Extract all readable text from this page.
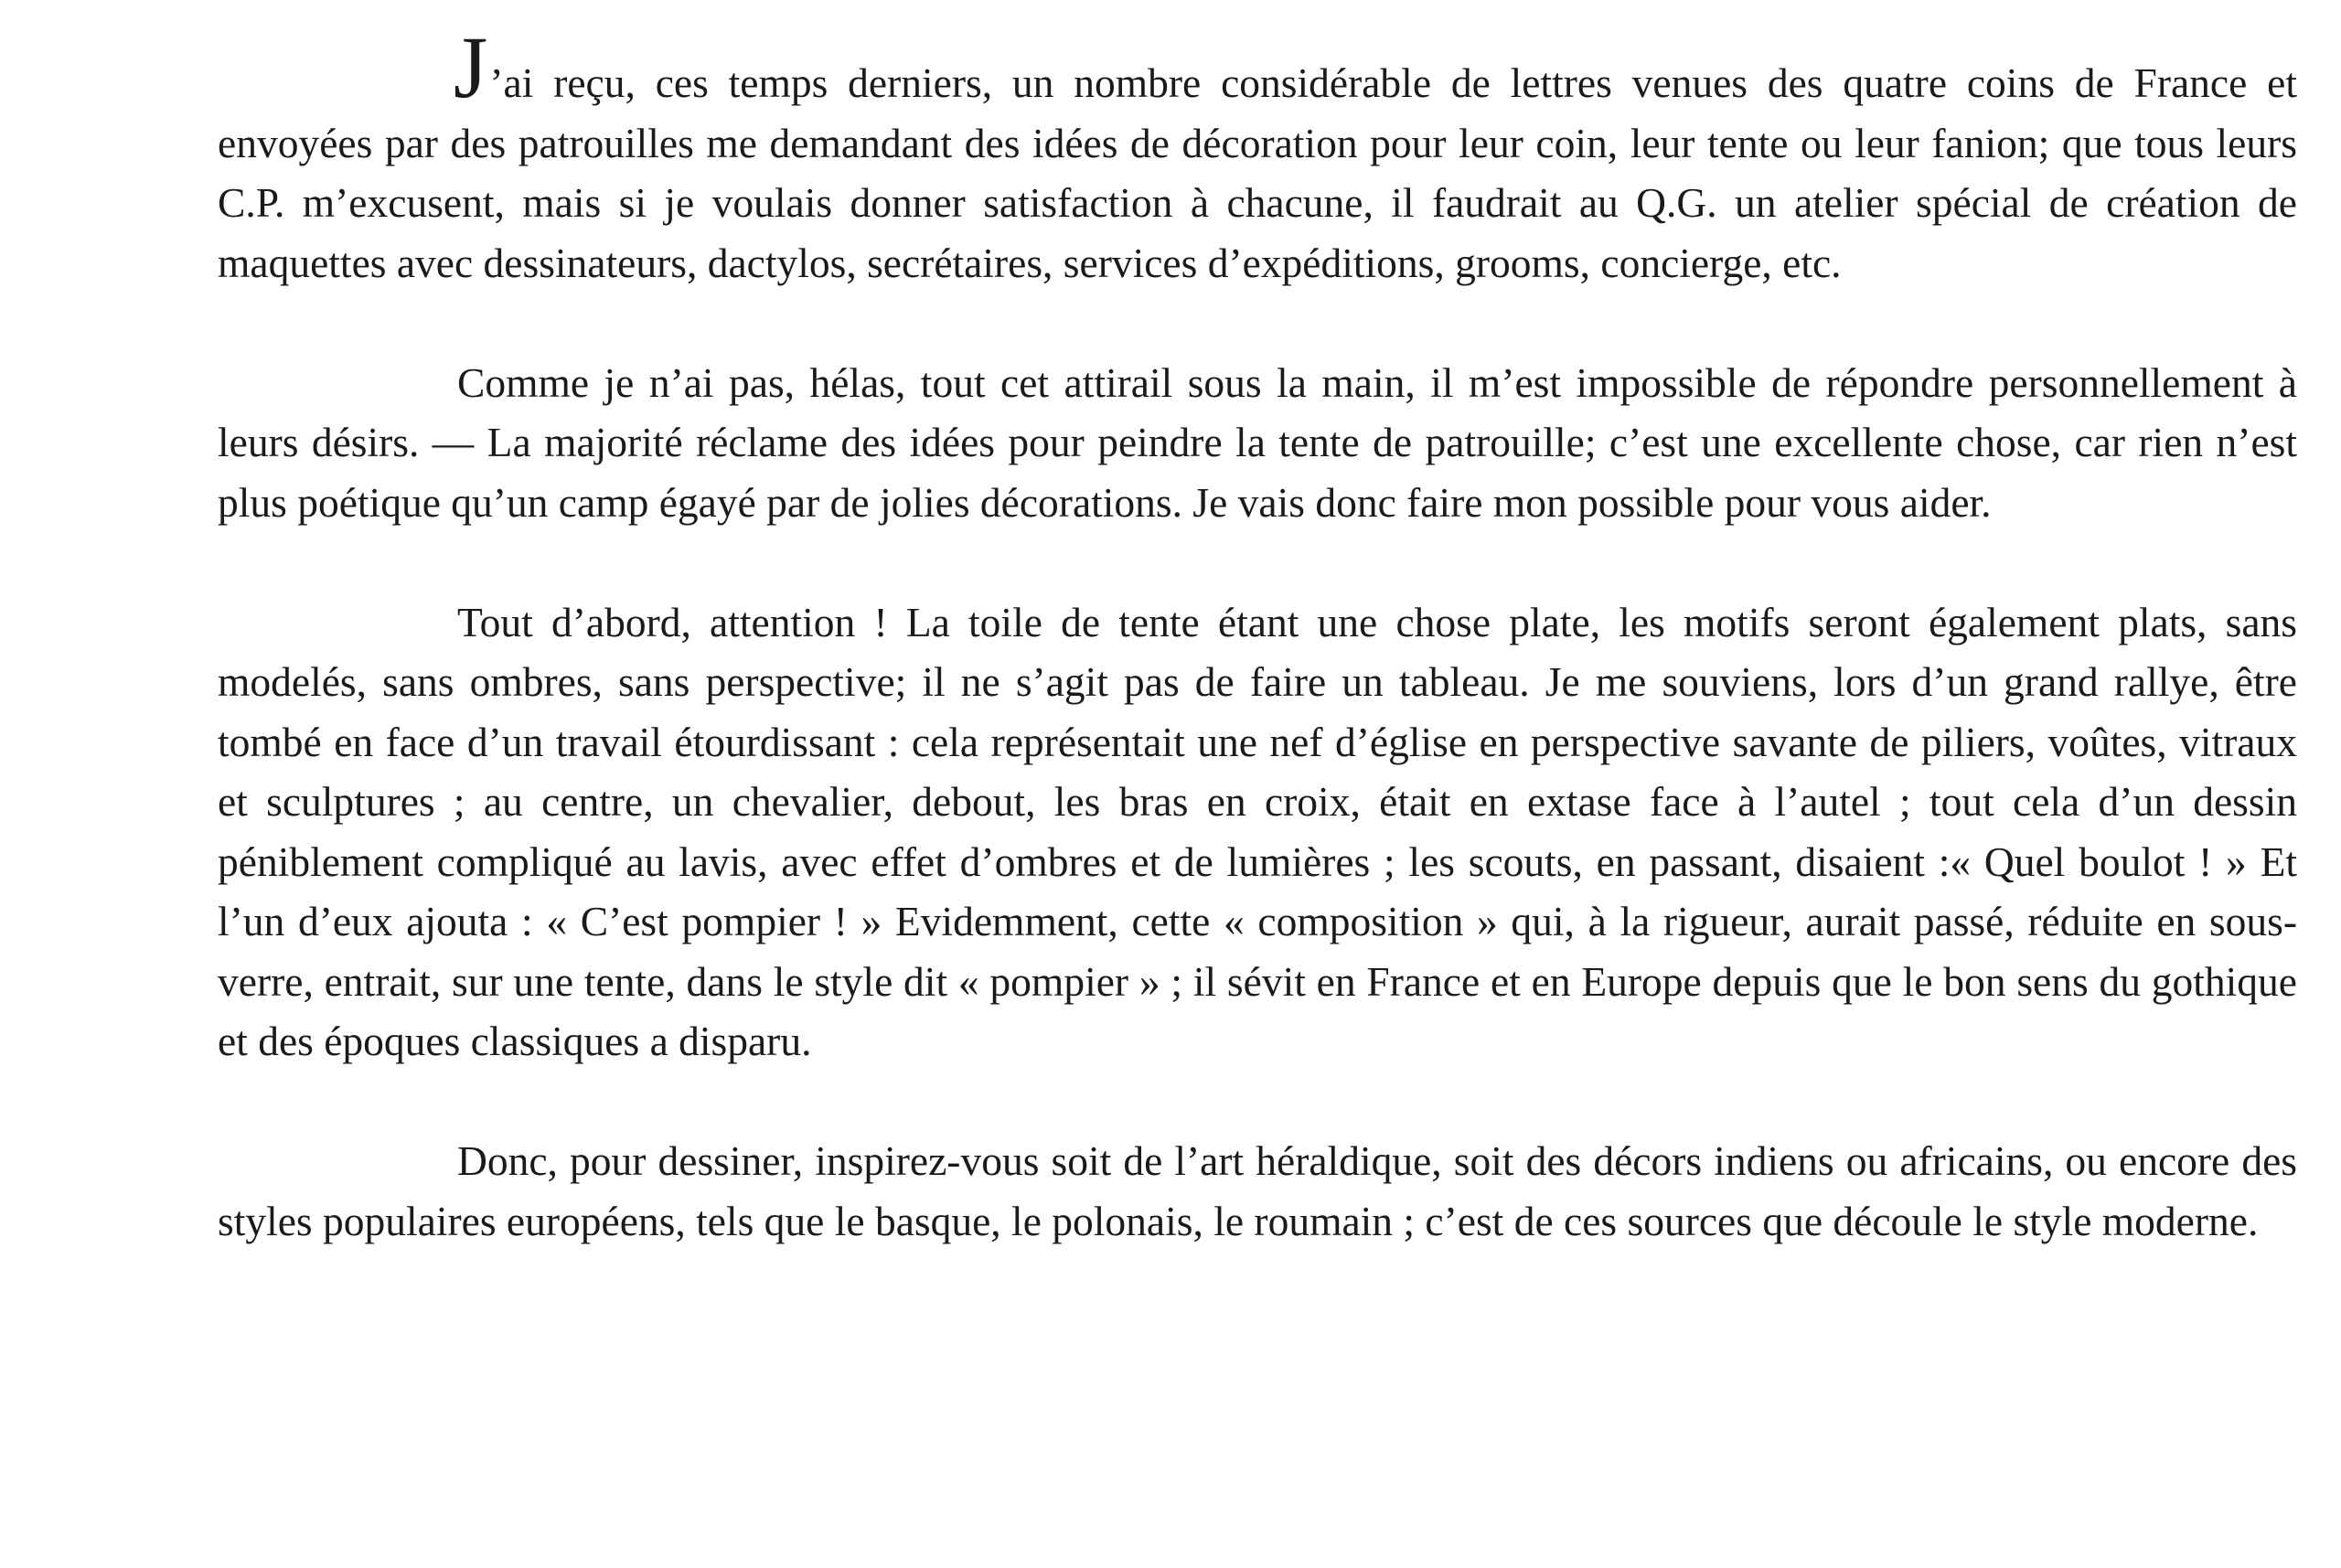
J’ai reçu, ces temps derniers, un nombre considérable de lettres venues des quatre coins de France et envoyées par des patrouilles me demandant des idées de décoration pour leur coin, leur tente ou leur fanion; que tous leurs C.P. m’excusent, mais si je voulais donner satisfaction à chacune, il faudrait au Q.G. un atelier spécial de création de maquettes avec dessinateurs, dactylos, secrétaires, services d’expéditions, grooms, concierge, etc.

Comme je n’ai pas, hélas, tout cet attirail sous la main, il m’est impossible de répondre personnellement à leurs désirs. — La majorité réclame des idées pour peindre la tente de patrouille; c’est une excellente chose, car rien n’est plus poétique qu’un camp égayé par de jolies décorations. Je vais donc faire mon possible pour vous aider.

Tout d’abord, attention ! La toile de tente étant une chose plate, les motifs seront également plats, sans modelés, sans ombres, sans perspective; il ne s’agit pas de faire un tableau. Je me souviens, lors d’un grand rallye, être tombé en face d’un travail étourdissant : cela représentait une nef d’église en perspective savante de piliers, voûtes, vitraux et sculptures ; au centre, un chevalier, debout, les bras en croix, était en extase face à l’autel ; tout cela d’un dessin péniblement compliqué au lavis, avec effet d’ombres et de lumières ; les scouts, en passant, disaient :« Quel boulot ! » Et l’un d’eux ajouta : « C’est pompier ! » Evidemment, cette « composition » qui, à la rigueur, aurait passé, réduite en sous-verre, entrait, sur une tente, dans le style dit « pompier » ; il sévit en France et en Europe depuis que le bon sens du gothique et des époques classiques a disparu.

Donc, pour dessiner, inspirez-vous soit de l’art héraldique, soit des décors indiens ou africains, ou encore des styles populaires européens, tels que le basque, le polonais, le roumain ; c’est de ces sources que découle le style moderne.
